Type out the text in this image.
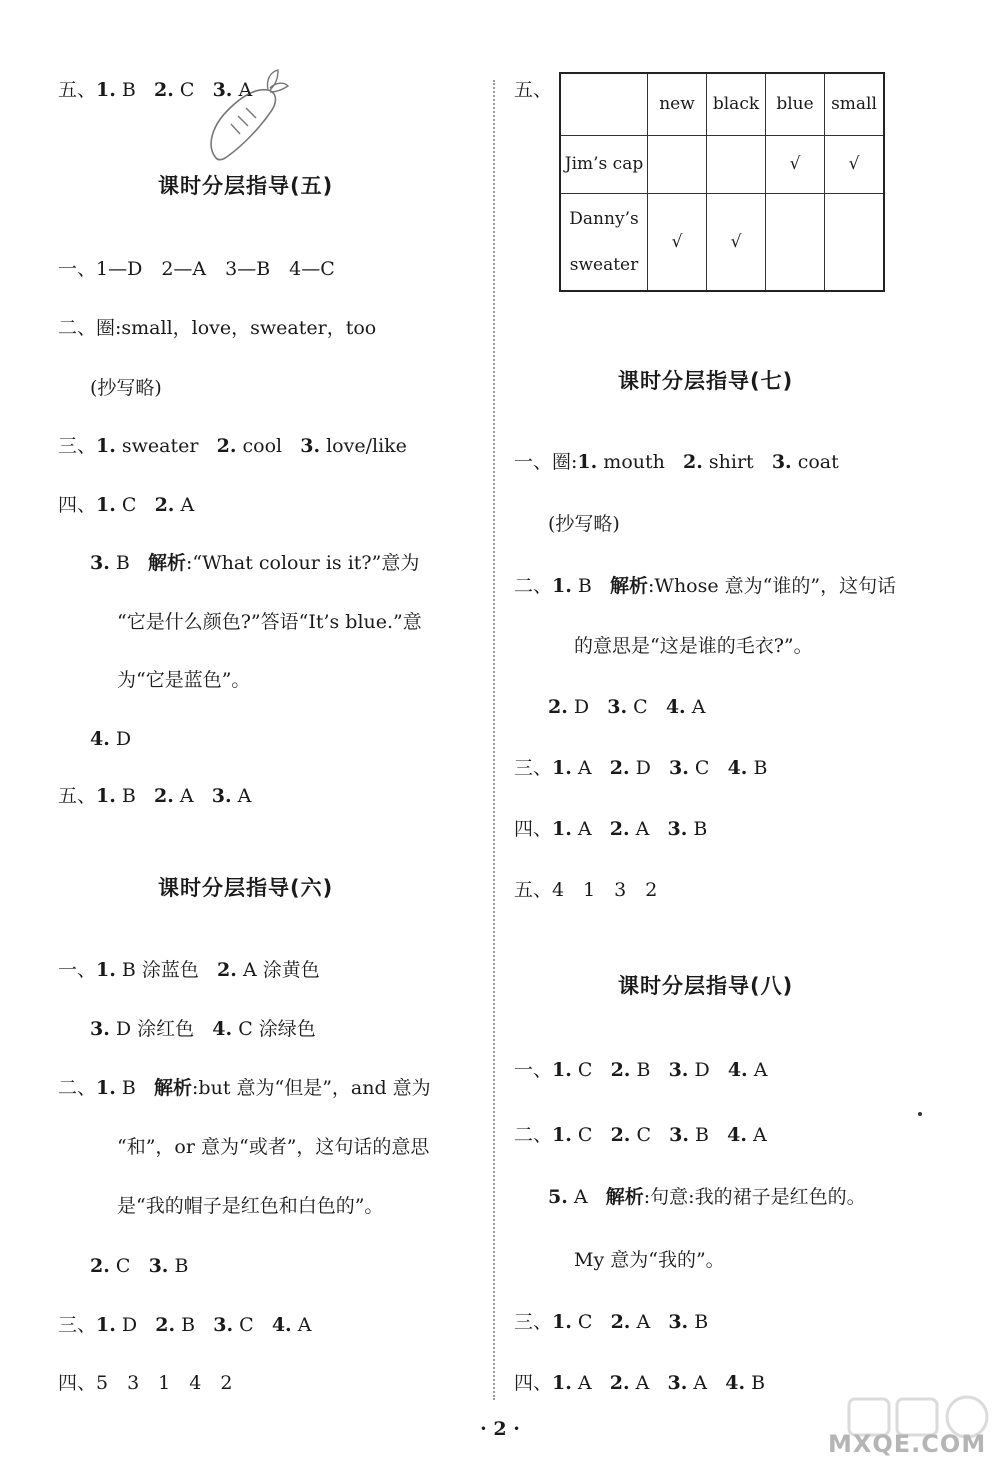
五、1. B 2. C 3. A
课时分层指导(五)
一、1—D　2—A　3—B　4—C
二、圈:small，love，sweater，too
(抄写略)
三、1. sweater 2. cool 3. love/like
四、1. C 2. A
3. B 解析:“What colour is it?”意为
“它是什么颜色?”答语“It’s blue.”意
为“它是蓝色”。
4. D
五、1. B 2. A 3. A
课时分层指导(六)
一、1. B 涂蓝色 2. A 涂黄色
3. D 涂红色 4. C 涂绿色
二、1. B 解析:but 意为“但是”，and 意为
“和”，or 意为“或者”，这句话的意思
是“我的帽子是红色和白色的”。
2. C 3. B
三、1. D 2. B 3. C 4. A
四、5　3　1　4　2
五、
	new	black	blue	small
Jim’s cap			√	√
Danny’s sweater	√	√		
课时分层指导(七)
一、圈:1. mouth 2. shirt 3. coat
(抄写略)
二、1. B 解析:Whose 意为“谁的”，这句话
的意思是“这是谁的毛衣?”。
2. D 3. C 4. A
三、1. A 2. D 3. C 4. B
四、1. A 2. A 3. B
五、4　1　3　2
课时分层指导(八)
一、1. C 2. B 3. D 4. A
二、1. C 2. C 3. B 4. A
5. A 解析:句意:我的裙子是红色的。
My 意为“我的”。
三、1. C 2. A 3. B
四、1. A 2. A 3. A 4. B
· 2 ·
MXQE.COM
